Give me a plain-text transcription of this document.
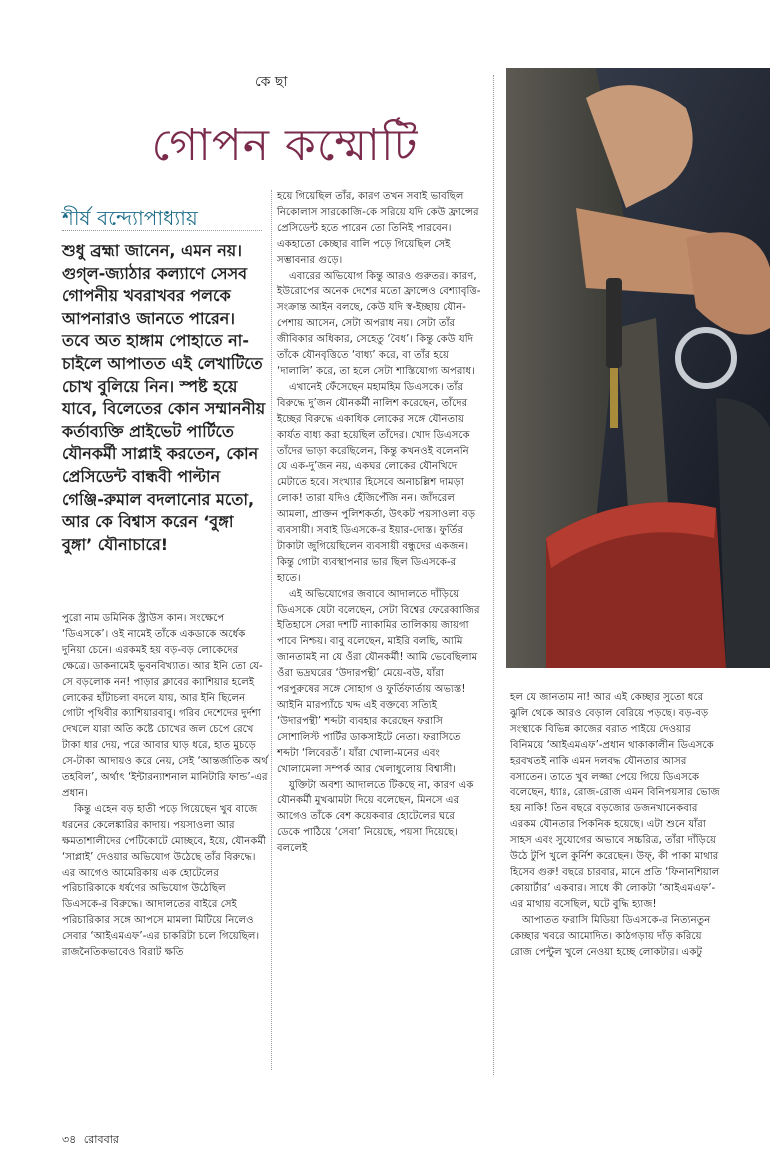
কে ছা
গোপন কম্মোটি
শীর্ষ বন্দ্যোপাধ্যায়
শুধু ব্রহ্মা জানেন, এমন নয়। গুগ্‌ল-জ্যাঠার কল্যাণে সেসব গোপনীয় খবরাখবর পলকে আপনারাও জানতে পারেন। তবে অত হাঙ্গাম পোহাতে না-চাইলে আপাতত এই লেখাটিতে চোখ বুলিয়ে নিন। স্পষ্ট হয়ে যাবে, বিলেতের কোন সম্মাননীয় কর্তাব্যক্তি প্রাইভেট পার্টিতে যৌনকর্মী সাপ্লাই করতেন, কোন প্রেসিডেন্ট বান্ধবী পাল্টান গেঞ্জি-রুমাল বদলানোর মতো, আর কে বিশ্বাস করেন ‘বুঙ্গা বুঙ্গা’ যৌনাচারে!

পুরো নাম ডমিনিক স্ট্রাউস কান। সংক্ষেপে ‘ডিএসকে’। ওই নামেই তাঁকে একডাকে অর্ধেক দুনিয়া চেনে। এরকমই হয় বড়-বড় লোকেদের ক্ষেত্রে। ডাকনামেই ভুবনবিখ্যাত। আর ইনি তো যে-সে বড়লোক নন! পাড়ার ক্লাবের ক্যাশিয়ার হলেই লোকের হাঁটাচলা বদলে যায়, আর ইনি ছিলেন গোটা পৃথিবীর ক্যাশিয়ারবাবু। গরিব দেশেদের দুর্দশা দেখলে যারা অতি কষ্টে চোখের জল চেপে রেখে টাকা ধার দেয়, পরে আবার ঘাড় ধরে, হাত মুচড়ে সে-টাকা আদায়ও করে নেয়, সেই ‘আন্তর্জাতিক অর্থ তহবিল’, অর্থাৎ ‘ইন্টারন্যাশনাল মানিটারি ফান্ড’-এর প্রধান।

কিন্তু এহেন বড় হাতী পড়ে গিয়েছেন খুব বাজে ধরনের কেলেঙ্কারির কাদায়। পয়সাওলা আর ক্ষমতাশালীদের পেটিকোটে মোচ্ছবে, ইয়ে, যৌনকর্মী ‘সাপ্লাই’ দেওয়ার অভিযোগ উঠেছে তাঁর বিরুদ্ধে। এর আগেও আমেরিকায় এক হোটেলের পরিচারিকাকে ধর্ষণের অভিযোগ উঠেছিল ডিএসকে-র বিরুদ্ধে। আদালতের বাইরে সেই পরিচারিকার সঙ্গে আপসে মামলা মিটিয়ে নিলেও সেবার ‘আইএমএফ’-এর চাকরিটা চলে গিয়েছিল। রাজনৈতিকভাবেও বিরাট ক্ষতি

হয়ে গিয়েছিল তাঁর, কারণ তখন সবাই ভাবছিল নিকোলাস সারকোজি-কে সরিয়ে যদি কেউ ফ্রান্সের প্রেসিডেন্ট হতে পারেন তো তিনিই পারবেন। একহাতো কেচ্ছার বালি পড়ে গিয়েছিল সেই সম্ভাবনার গুড়ে।

এবারের অভিযোগ কিন্তু আরও গুরুতর। কারণ, ইউরোপের অনেক দেশের মতো ফ্রান্সেও বেশ্যাবৃত্তি-সংক্রান্ত আইন বলছে, কেউ যদি স্ব-ইচ্ছায় যৌন-পেশায় আসেন, সেটা অপরাধ নয়। সেটা তাঁর জীবিকার অধিকার, সেহেতু ‘বৈধ’। কিন্তু কেউ যদি তাঁকে যৌনবৃত্তিতে ‘বাধ্য’ করে, বা তাঁর হয়ে ‘দালালি’ করে, তা হলে সেটা শাস্তিযোগ্য অপরাধ।

এখানেই ফেঁসেছেন মহামহিম ডিএসকে। তাঁর বিরুদ্ধে দু’জন যৌনকর্মী নালিশ করেছেন, তাঁদের ইচ্ছের বিরুদ্ধে একাধিক লোকের সঙ্গে যৌনতায় কার্যত বাধ্য করা হয়েছিল তাঁদের। খোদ ডিএসকে তাঁদের ভাড়া করেছিলেন, কিন্তু কখনওই বলেননি যে এক-দু’জন নয়, একঘর লোকের যৌনখিদে মেটাতে হবে। সংখ্যার হিসেবে অনাচল্লিশ দামড়া লোক! তারা যদিও হেঁজিপেঁজি নন। জাঁদরেল আমলা, প্রাক্তন পুলিশকর্তা, উৎকট পয়সাওলা বড় ব্যবসায়ী। সবাই ডিএসকে-র ইয়ার-দোস্ত। ফুর্তির টাকাটা জুগিয়েছিলেন ব্যবসায়ী বন্ধুদের একজন। কিন্তু গোটা ব্যবস্থাপনার ভার ছিল ডিএসকে-র হাতে।

এই অভিযোগের জবাবে আদালতে দাঁড়িয়ে ডিএসকে যেটা বলেছেন, সেটা বিশ্বের ফেরেব্বাজির ইতিহাসে সেরা দশটি ন্যাকামির তালিকায় জায়গা পাবে নিশ্চয়। বাবু বলেছেন, মাইরি বলছি, আমি জানতামই না যে ওঁরা যৌনকর্মী! আমি ভেবেছিলাম ওঁরা ভদ্রঘরের ‘উদারপন্থী’ মেয়ে-বউ, যাঁরা পরপুরুষের সঙ্গে সোহাগ ও ফুর্তিফার্তায় অভ্যস্ত! আইনি মারপ্যাঁচে খদ্দ এই বক্তব্যে সত্যিই ‘উদারপন্থী’ শব্দটা ব্যবহার করেছেন ফরাসি সোশালিস্ট পার্টির ডাকসাইটে নেতা। ফরাসিতে শব্দটা ‘লিবেরতঁ’। যাঁরা খোলা-মনের এবং খোলামেলা সম্পর্ক আর খেলাধুলোয় বিশ্বাসী।

যুক্তিটা অবশ্য আদালতে টিকছে না, কারণ এক যৌনকর্মী মুখঝামটা দিয়ে বলেছেন, মিনসে এর আগেও তাঁকে বেশ কয়েকবার হোটেলের ঘরে ডেকে পাঠিয়ে ‘সেবা’ নিয়েছে, পয়সা দিয়েছে। বললেই

হল যে জানতাম না! আর এই কেচ্ছার সুতো ধরে ঝুলি থেকে আরও বেড়াল বেরিয়ে পড়ছে। বড়-বড় সংস্থাকে বিভিন্ন কাজের বরাত পাইয়ে দেওয়ার বিনিময়ে ‘আইএমএফ’-প্রধান থাকাকালীন ডিএসকে হরবখতই নাকি এমন দলবদ্ধ যৌনতার আসর বসাতেন। তাতে খুব লজ্জা পেয়ে গিয়ে ডিএসকে বলেছেন, ধ্যাঃ, রোজ-রোজ এমন বিনিপয়সার ভোজ হয় নাকি! তিন বছরে বড়জোর ডজনখানেকবার এরকম যৌনতার পিকনিক হয়েছে। এটা শুনে যাঁরা সাহস এবং সুযোগের অভাবে সচ্চরিত্র, তাঁরা দাঁড়িয়ে উঠে টুপি খুলে কুর্নিশ করেছেন। উফ্, কী পাকা মাথার হিসেব গুরু! বছরে চারবার, মানে প্রতি ‘ফিনানশিয়াল কোয়ার্টার’ একবার। সাধে কী লোকটা ‘আইএমএফ’-এর মাথায় বসেছিল, ঘটে বুদ্ধি হ্যাজ!

আপাতত ফরাসি মিডিয়া ডিএসকে-র নিত্যনতুন কেচ্ছার খবরে আমোদিত। কাঠগড়ায় দাঁড় করিয়ে রোজ পেন্টুল খুলে নেওয়া হচ্ছে লোকটার। একটু

৩৪ রোববার
